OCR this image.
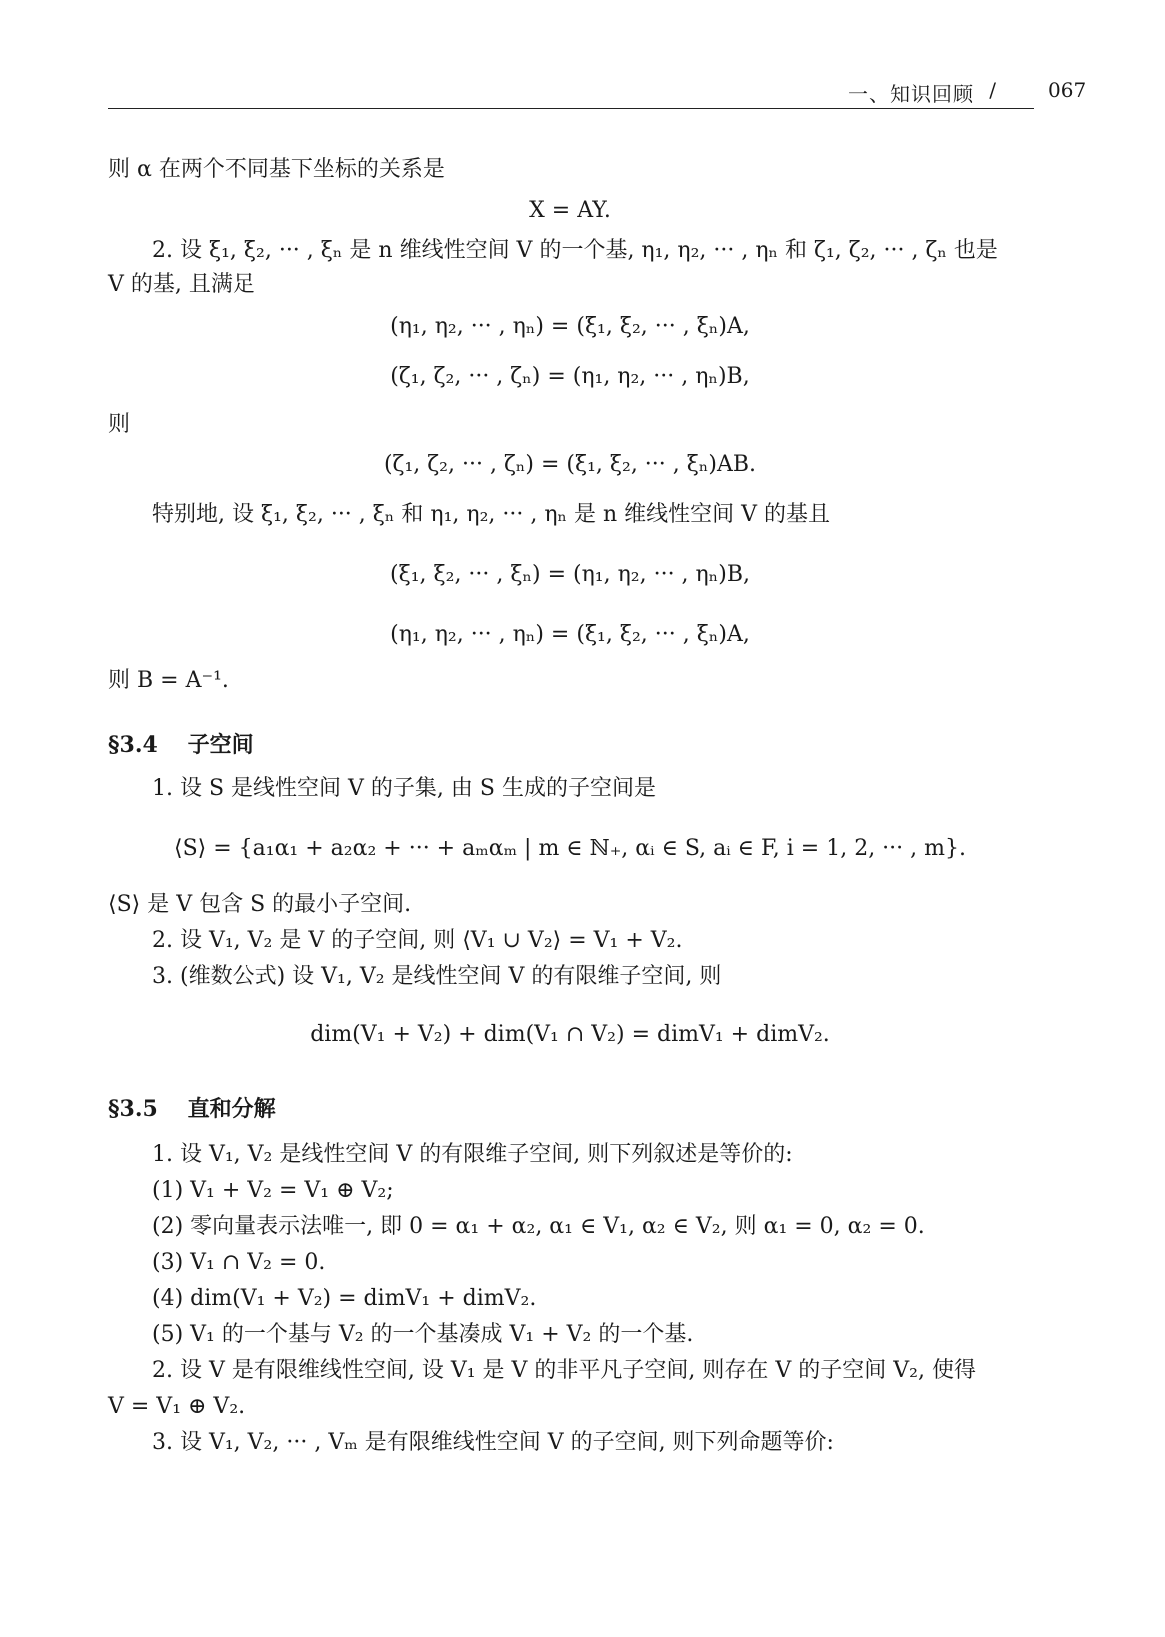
一、知识回顾 /	067
则 α 在两个不同基下坐标的关系是
X = AY.
2. 设 ξ₁, ξ₂, ··· , ξₙ 是 n 维线性空间 V 的一个基, η₁, η₂, ··· , ηₙ 和 ζ₁, ζ₂, ··· , ζₙ 也是
V 的基, 且满足
(η₁, η₂, ··· , ηₙ) = (ξ₁, ξ₂, ··· , ξₙ)A,
(ζ₁, ζ₂, ··· , ζₙ) = (η₁, η₂, ··· , ηₙ)B,
则
(ζ₁, ζ₂, ··· , ζₙ) = (ξ₁, ξ₂, ··· , ξₙ)AB.
特别地, 设 ξ₁, ξ₂, ··· , ξₙ 和 η₁, η₂, ··· , ηₙ 是 n 维线性空间 V 的基且
(ξ₁, ξ₂, ··· , ξₙ) = (η₁, η₂, ··· , ηₙ)B,
(η₁, η₂, ··· , ηₙ) = (ξ₁, ξ₂, ··· , ξₙ)A,
则 B = A⁻¹.
§3.4 子空间
1. 设 S 是线性空间 V 的子集, 由 S 生成的子空间是
⟨S⟩ = {a₁α₁ + a₂α₂ + ··· + aₘαₘ | m ∈ ℕ₊, αᵢ ∈ S, aᵢ ∈ F, i = 1, 2, ··· , m}.
⟨S⟩ 是 V 包含 S 的最小子空间.
2. 设 V₁, V₂ 是 V 的子空间, 则 ⟨V₁ ∪ V₂⟩ = V₁ + V₂.
3. (维数公式) 设 V₁, V₂ 是线性空间 V 的有限维子空间, 则
dim(V₁ + V₂) + dim(V₁ ∩ V₂) = dimV₁ + dimV₂.
§3.5 直和分解
1. 设 V₁, V₂ 是线性空间 V 的有限维子空间, 则下列叙述是等价的:
(1) V₁ + V₂ = V₁ ⊕ V₂;
(2) 零向量表示法唯一, 即 0 = α₁ + α₂, α₁ ∈ V₁, α₂ ∈ V₂, 则 α₁ = 0, α₂ = 0.
(3) V₁ ∩ V₂ = 0.
(4) dim(V₁ + V₂) = dimV₁ + dimV₂.
(5) V₁ 的一个基与 V₂ 的一个基凑成 V₁ + V₂ 的一个基.
2. 设 V 是有限维线性空间, 设 V₁ 是 V 的非平凡子空间, 则存在 V 的子空间 V₂, 使得
V = V₁ ⊕ V₂.
3. 设 V₁, V₂, ··· , Vₘ 是有限维线性空间 V 的子空间, 则下列命题等价:
